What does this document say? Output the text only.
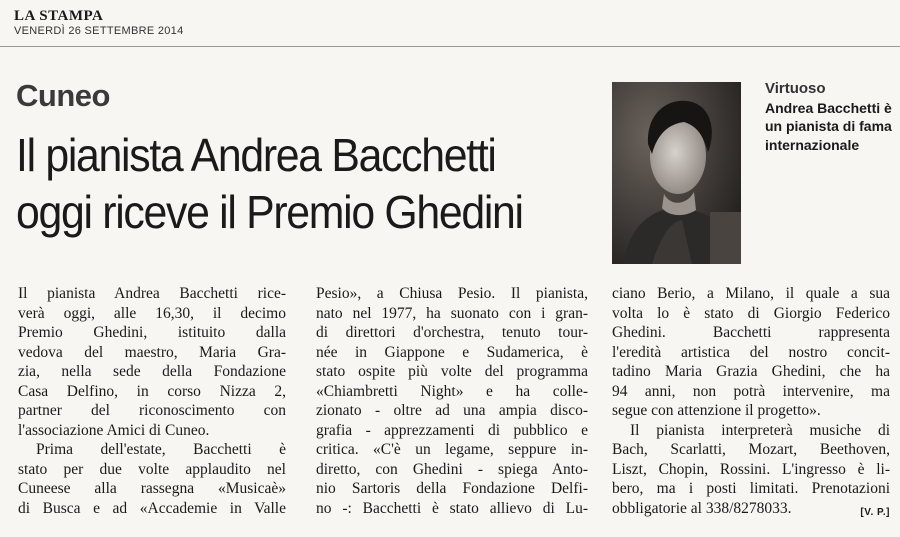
LA STAMPA
VENERDÌ 26 SETTEMBRE 2014
Cuneo
Il pianista Andrea Bacchetti
oggi riceve il Premio Ghedini
Virtuoso
Andrea Bacchetti è un pianista di fama internazionale
Il pianista Andrea Bacchetti rice-
verà oggi, alle 16,30, il decimo
Premio Ghedini, istituito dalla
vedova del maestro, Maria Gra-
zia, nella sede della Fondazione
Casa Delfino, in corso Nizza 2,
partner del riconoscimento con
l'associazione Amici di Cuneo.
Prima dell'estate, Bacchetti è
stato per due volte applaudito nel
Cuneese alla rassegna «Musicaè»
di Busca e ad «Accademie in Valle
Pesio», a Chiusa Pesio. Il pianista,
nato nel 1977, ha suonato con i gran-
di direttori d'orchestra, tenuto tour-
née in Giappone e Sudamerica, è
stato ospite più volte del programma
«Chiambretti Night» e ha colle-
zionato - oltre ad una ampia disco-
grafia - apprezzamenti di pubblico e
critica. «C'è un legame, seppure in-
diretto, con Ghedini - spiega Anto-
nio Sartoris della Fondazione Delfi-
no -: Bacchetti è stato allievo di Lu-
ciano Berio, a Milano, il quale a sua
volta lo è stato di Giorgio Federico
Ghedini. Bacchetti rappresenta
l'eredità artistica del nostro concit-
tadino Maria Grazia Ghedini, che ha
94 anni, non potrà intervenire, ma
segue con attenzione il progetto».
Il pianista interpreterà musiche di
Bach, Scarlatti, Mozart, Beethoven,
Liszt, Chopin, Rossini. L'ingresso è li-
bero, ma i posti limitati. Prenotazioni
obbligatorie al 338/8278033.	[V. P.]
